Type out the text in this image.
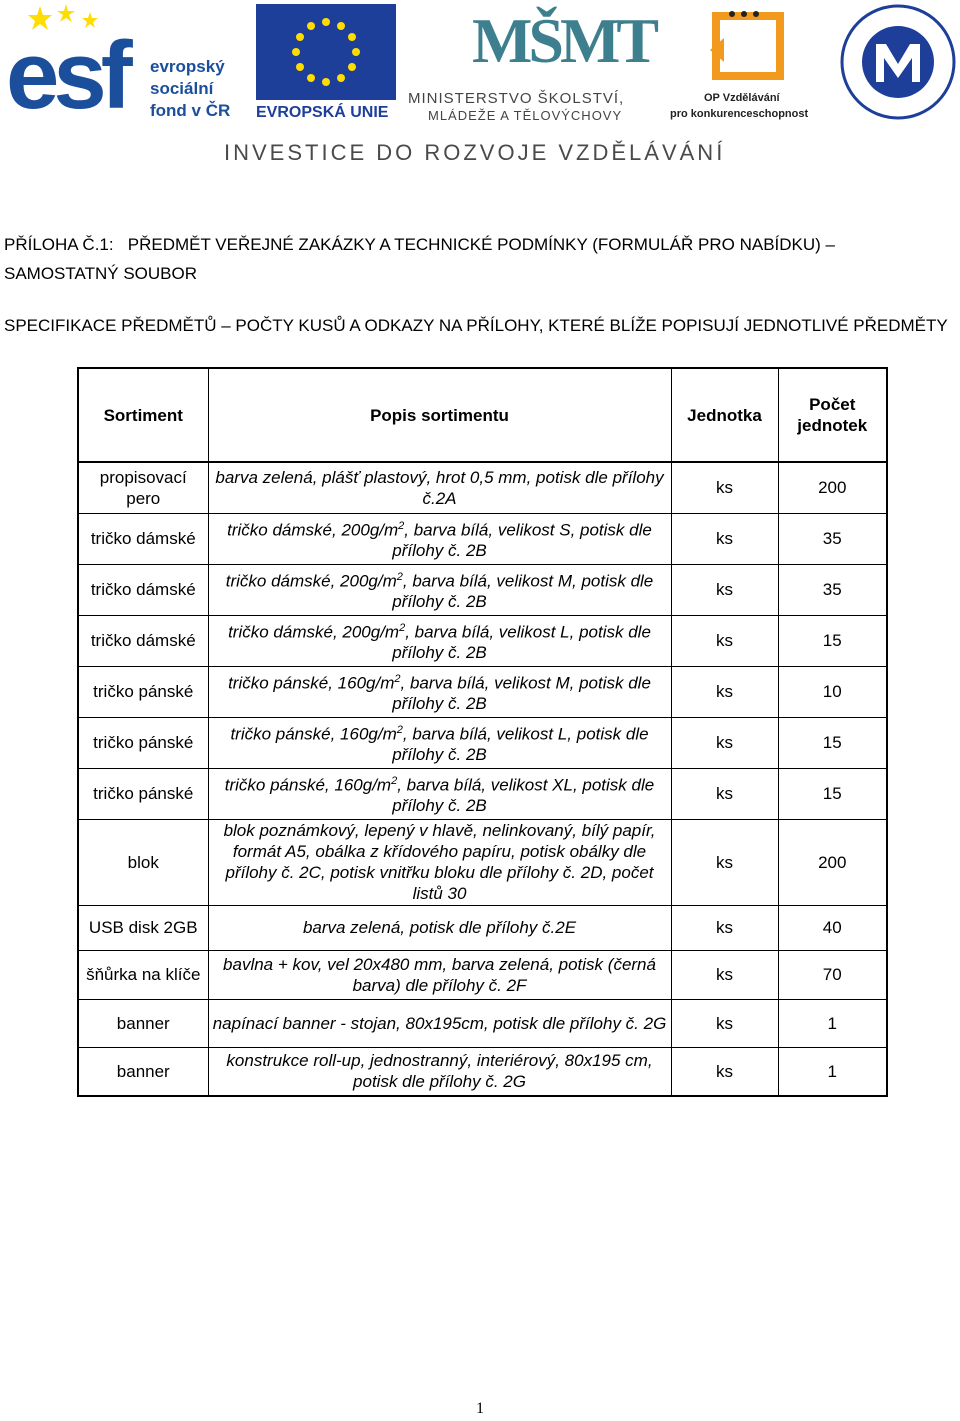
esf evropský
sociální
fond v ČR EVROPSKÁ UNIE
MŠMT
MINISTERSTVO ŠKOLSTVÍ,
MLÁDEŽE A TĚLOVÝCHOVY
OP Vzdělávání
pro konkurenceschopnost
INVESTICE DO ROZVOJE VZDĚLÁVÁNÍ
PŘÍLOHA Č.1:   PŘEDMĚT VEŘEJNÉ ZAKÁZKY A TECHNICKÉ PODMÍNKY (FORMULÁŘ PRO NABÍDKU) –
SAMOSTATNÝ SOUBOR
SPECIFIKACE PŘEDMĚTŮ – POČTY KUSŮ A ODKAZY NA PŘÍLOHY, KTERÉ BLÍŽE POPISUJÍ JEDNOTLIVÉ PŘEDMĚTY
Sortiment	Popis sortimentu	Jednotka	Počet jednotek
propisovací pero	barva zelená, plášť plastový, hrot 0,5 mm, potisk dle přílohy č.2A	ks	200
tričko dámské	tričko dámské, $200g/m^2$, barva bílá, velikost S, potisk dle přílohy č. 2B	ks	35
tričko dámské	tričko dámské, $200g/m^2$, barva bílá, velikost M, potisk dle přílohy č. 2B	ks	35
tričko dámské	tričko dámské, $200g/m^2$, barva bílá, velikost L, potisk dle přílohy č. 2B	ks	15
tričko pánské	tričko pánské, $160g/m^2$, barva bílá, velikost M, potisk dle přílohy č. 2B	ks	10
tričko pánské	tričko pánské, $160g/m^2$, barva bílá, velikost L, potisk dle přílohy č. 2B	ks	15
tričko pánské	tričko pánské, $160g/m^2$, barva bílá, velikost XL, potisk dle přílohy č. 2B	ks	15
blok	blok poznámkový, lepený v hlavě, nelinkovaný, bílý papír, formát A5, obálka z křídového papíru, potisk obálky dle přílohy č. 2C, potisk vnitřku bloku dle přílohy č. 2D, počet listů 30	ks	200
USB disk 2GB	barva zelená, potisk dle přílohy č.2E	ks	40
šňůrka na klíče	bavlna + kov, vel 20x480 mm, barva zelená, potisk (černá barva) dle přílohy č. 2F	ks	70
banner	napínací banner - stojan, 80x195cm, potisk dle přílohy č. 2G	ks	1
banner	konstrukce roll-up, jednostranný, interiérový, 80x195 cm, potisk dle přílohy č. 2G	ks	1
1
